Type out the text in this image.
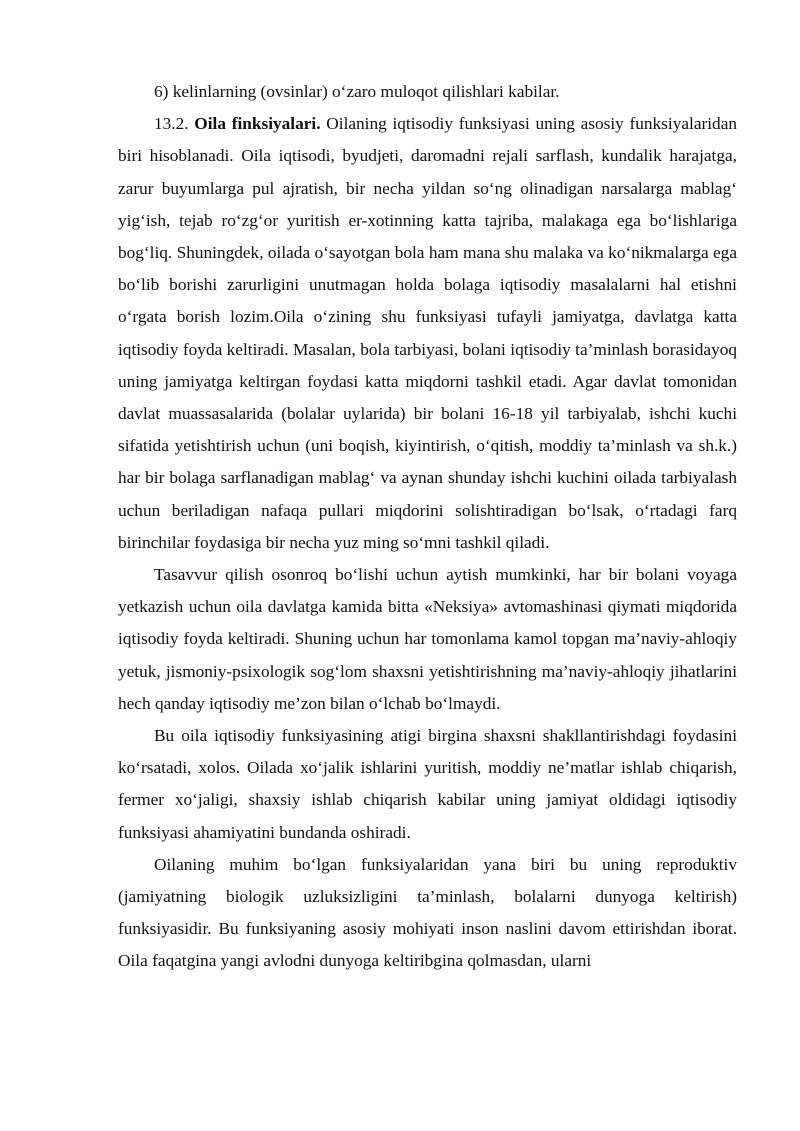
6) kelinlarning (ovsinlar) o‘zaro muloqot qilishlari kabilar.

13.2. Oila finksiyalari. Oilaning iqtisodiy funksiyasi uning asosiy funksiyalaridan biri hisoblanadi. Oila iqtisodi, byudjeti, daromadni rejali sarflash, kundalik harajatga, zarur buyumlarga pul ajratish, bir necha yildan so‘ng olinadigan narsalarga mablag‘ yig‘ish, tejab ro‘zg‘or yuritish er-xotinning katta tajriba, malakaga ega bo‘lishlariga bog‘liq. Shuningdek, oilada o‘sayotgan bola ham mana shu malaka va ko‘nikmalarga ega bo‘lib borishi zarurligini unutmagan holda bolaga iqtisodiy masalalarni hal etishni o‘rgata borish lozim.Oila o‘zining shu funksiyasi tufayli jamiyatga, davlatga katta iqtisodiy foyda keltiradi. Masalan, bola tarbiyasi, bolani iqtisodiy ta’minlash borasidayoq uning jamiyatga keltirgan foydasi katta miqdorni tashkil etadi. Agar davlat tomonidan davlat muassasalarida (bolalar uylarida) bir bolani 16-18 yil tarbiyalab, ishchi kuchi sifatida yetishtirish uchun (uni boqish, kiyintirish, o‘qitish, moddiy ta’minlash va sh.k.) har bir bolaga sarflanadigan mablag‘ va aynan shunday ishchi kuchini oilada tarbiyalash uchun beriladigan nafaqa pullari miqdorini solishtiradigan bo‘lsak, o‘rtadagi farq birinchilar foydasiga bir necha yuz ming so‘mni tashkil qiladi.

Tasavvur qilish osonroq bo‘lishi uchun aytish mumkinki, har bir bolani voyaga yetkazish uchun oila davlatga kamida bitta «Neksiya» avtomashinasi qiymati miqdorida iqtisodiy foyda keltiradi. Shuning uchun har tomonlama kamol topgan ma’naviy-ahloqiy yetuk, jismoniy-psixologik sog‘lom shaxsni yetishtirishning ma’naviy-ahloqiy jihatlarini hech qanday iqtisodiy me’zon bilan o‘lchab bo‘lmaydi.

Bu oila iqtisodiy funksiyasining atigi birgina shaxsni shakllantirishdagi foydasini ko‘rsatadi, xolos. Oilada xo‘jalik ishlarini yuritish, moddiy ne’matlar ishlab chiqarish, fermer xo‘jaligi, shaxsiy ishlab chiqarish kabilar uning jamiyat oldidagi iqtisodiy funksiyasi ahamiyatini bundanda oshiradi.

Oilaning muhim bo‘lgan funksiyalaridan yana biri bu uning reproduktiv (jamiyatning biologik uzluksizligini ta’minlash, bolalarni dunyoga keltirish) funksiyasidir. Bu funksiyaning asosiy mohiyati inson naslini davom ettirishdan iborat. Oila faqatgina yangi avlodni dunyoga keltiribgina qolmasdan, ularni
